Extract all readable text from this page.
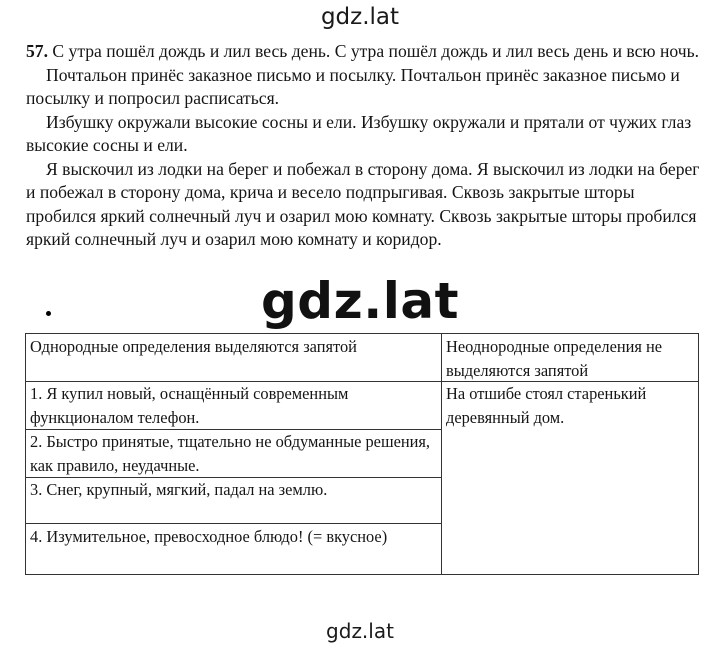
gdz.lat

57. С утра пошёл дождь и лил весь день. С утра пошёл дождь и лил весь день и всю ночь.

Почтальон принёс заказное письмо и посылку. Почтальон принёс заказное письмо и посылку и попросил расписаться.

Избушку окружали высокие сосны и ели. Избушку окружали и прятали от чужих глаз высокие сосны и ели.

Я выскочил из лодки на берег и побежал в сторону дома. Я выскочил из лодки на берег и побежал в сторону дома, крича и весело подпрыгивая. Сквозь закрытые шторы пробился яркий солнечный луч и озарил мою комнату. Сквозь закрытые шторы пробился яркий солнечный луч и озарил мою комнату и коридор.

gdz.lat
Однородные определения выделяются запятой	Неоднородные определения не выделяются запятой
1. Я купил новый, оснащённый современным функционалом телефон.
2. Быстро принятые, тщательно не обдуманные решения, как правило, неудачные.
3. Снег, крупный, мягкий, падал на землю.
4. Изумительное, превосходное блюдо! (= вкусное)
На отшибе стоял старенький деревянный дом.
gdz.lat
